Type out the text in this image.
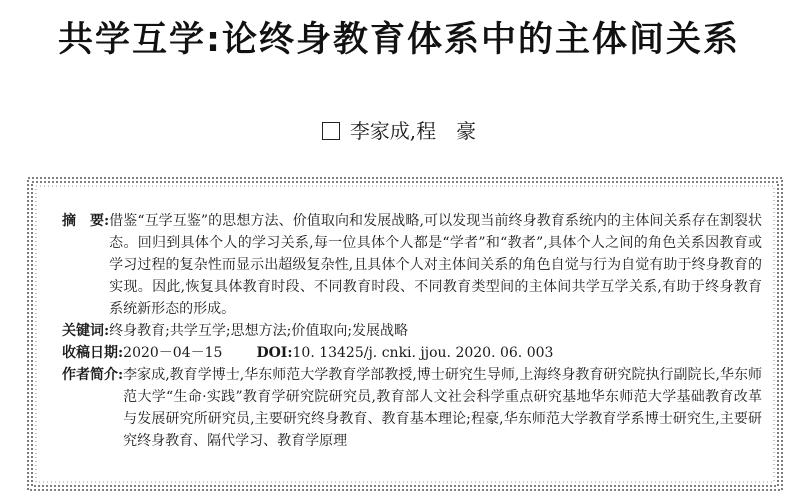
共学互学:论终身教育体系中的主体间关系
李家成,程　豪
摘　要: 借鉴“互学互鉴”的思想方法、价值取向和发展战略,可以发现当前终身教育系统内的主体间关系存在割裂状态。回归到具体个人的学习关系,每一位具体个人都是“学者”和“教者”,具体个人之间的角色关系因教育或学习过程的复杂性而显示出超级复杂性,且具体个人对主体间关系的角色自觉与行为自觉有助于终身教育的实现。因此,恢复具体教育时段、不同教育时段、不同教育类型间的主体间共学互学关系,有助于终身教育系统新形态的形成。
关键词: 终身教育;共学互学;思想方法;价值取向;发展战略
收稿日期: 2020－04－15 DOI: 10. 13425/j. cnki. jjou. 2020. 06. 003
作者简介: 李家成,教育学博士,华东师范大学教育学部教授,博士研究生导师,上海终身教育研究院执行副院长,华东师范大学“生命·实践”教育学研究院研究员,教育部人文社会科学重点研究基地华东师范大学基础教育改革与发展研究所研究员,主要研究终身教育、教育基本理论;程豪,华东师范大学教育学系博士研究生,主要研究终身教育、隔代学习、教育学原理
